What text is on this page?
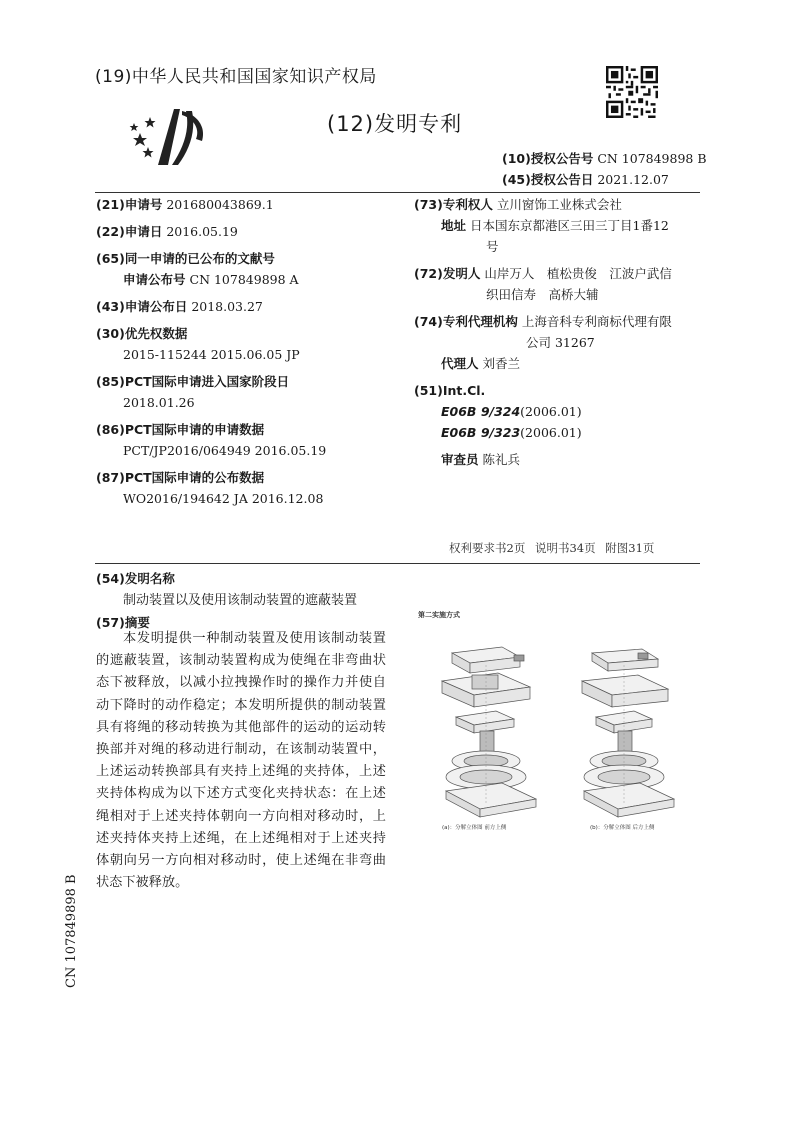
(19)中华人民共和国国家知识产权局
(12)发明专利
(10)授权公告号 CN 107849898 B
(45)授权公告日 2021.12.07
(21)申请号 201680043869.1
(22)申请日 2016.05.19
(65)同一申请的已公布的文献号
申请公布号 CN 107849898 A
(43)申请公布日 2018.03.27
(30)优先权数据
2015-115244 2015.06.05 JP
(85)PCT国际申请进入国家阶段日
2018.01.26
(86)PCT国际申请的申请数据
PCT/JP2016/064949 2016.05.19
(87)PCT国际申请的公布数据
WO2016/194642 JA 2016.12.08
(73)专利权人 立川窗饰工业株式会社
地址 日本国东京都港区三田三丁目1番12
号
(72)发明人 山岸万人　植松贵俊　江波户武信
织田信寿　高桥大辅
(74)专利代理机构 上海音科专利商标代理有限
公司 31267
代理人 刘香兰
(51)Int.Cl.
E06B 9/324(2006.01)
E06B 9/323(2006.01)
审查员 陈礼兵
权利要求书2页 说明书34页 附图31页
(54)发明名称
制动装置以及使用该制动装置的遮蔽装置
(57)摘要
本发明提供一种制动装置及使用该制动装置的遮蔽装置，该制动装置构成为使绳在非弯曲状态下被释放，以减小拉拽操作时的操作力并使自动下降时的动作稳定；本发明所提供的制动装置具有将绳的移动转换为其他部件的运动的运动转换部并对绳的移动进行制动，在该制动装置中，上述运动转换部具有夹持上述绳的夹持体，上述夹持体构成为以下述方式变化夹持状态：在上述绳相对于上述夹持体朝向一方向相对移动时，上述夹持体夹持上述绳，在上述绳相对于上述夹持体朝向另一方向相对移动时，使上述绳在非弯曲状态下被释放。
第二实施方式
(a)：分解立体图 前方上侧	(b)：分解立体图 后方上侧
CN 107849898 B
